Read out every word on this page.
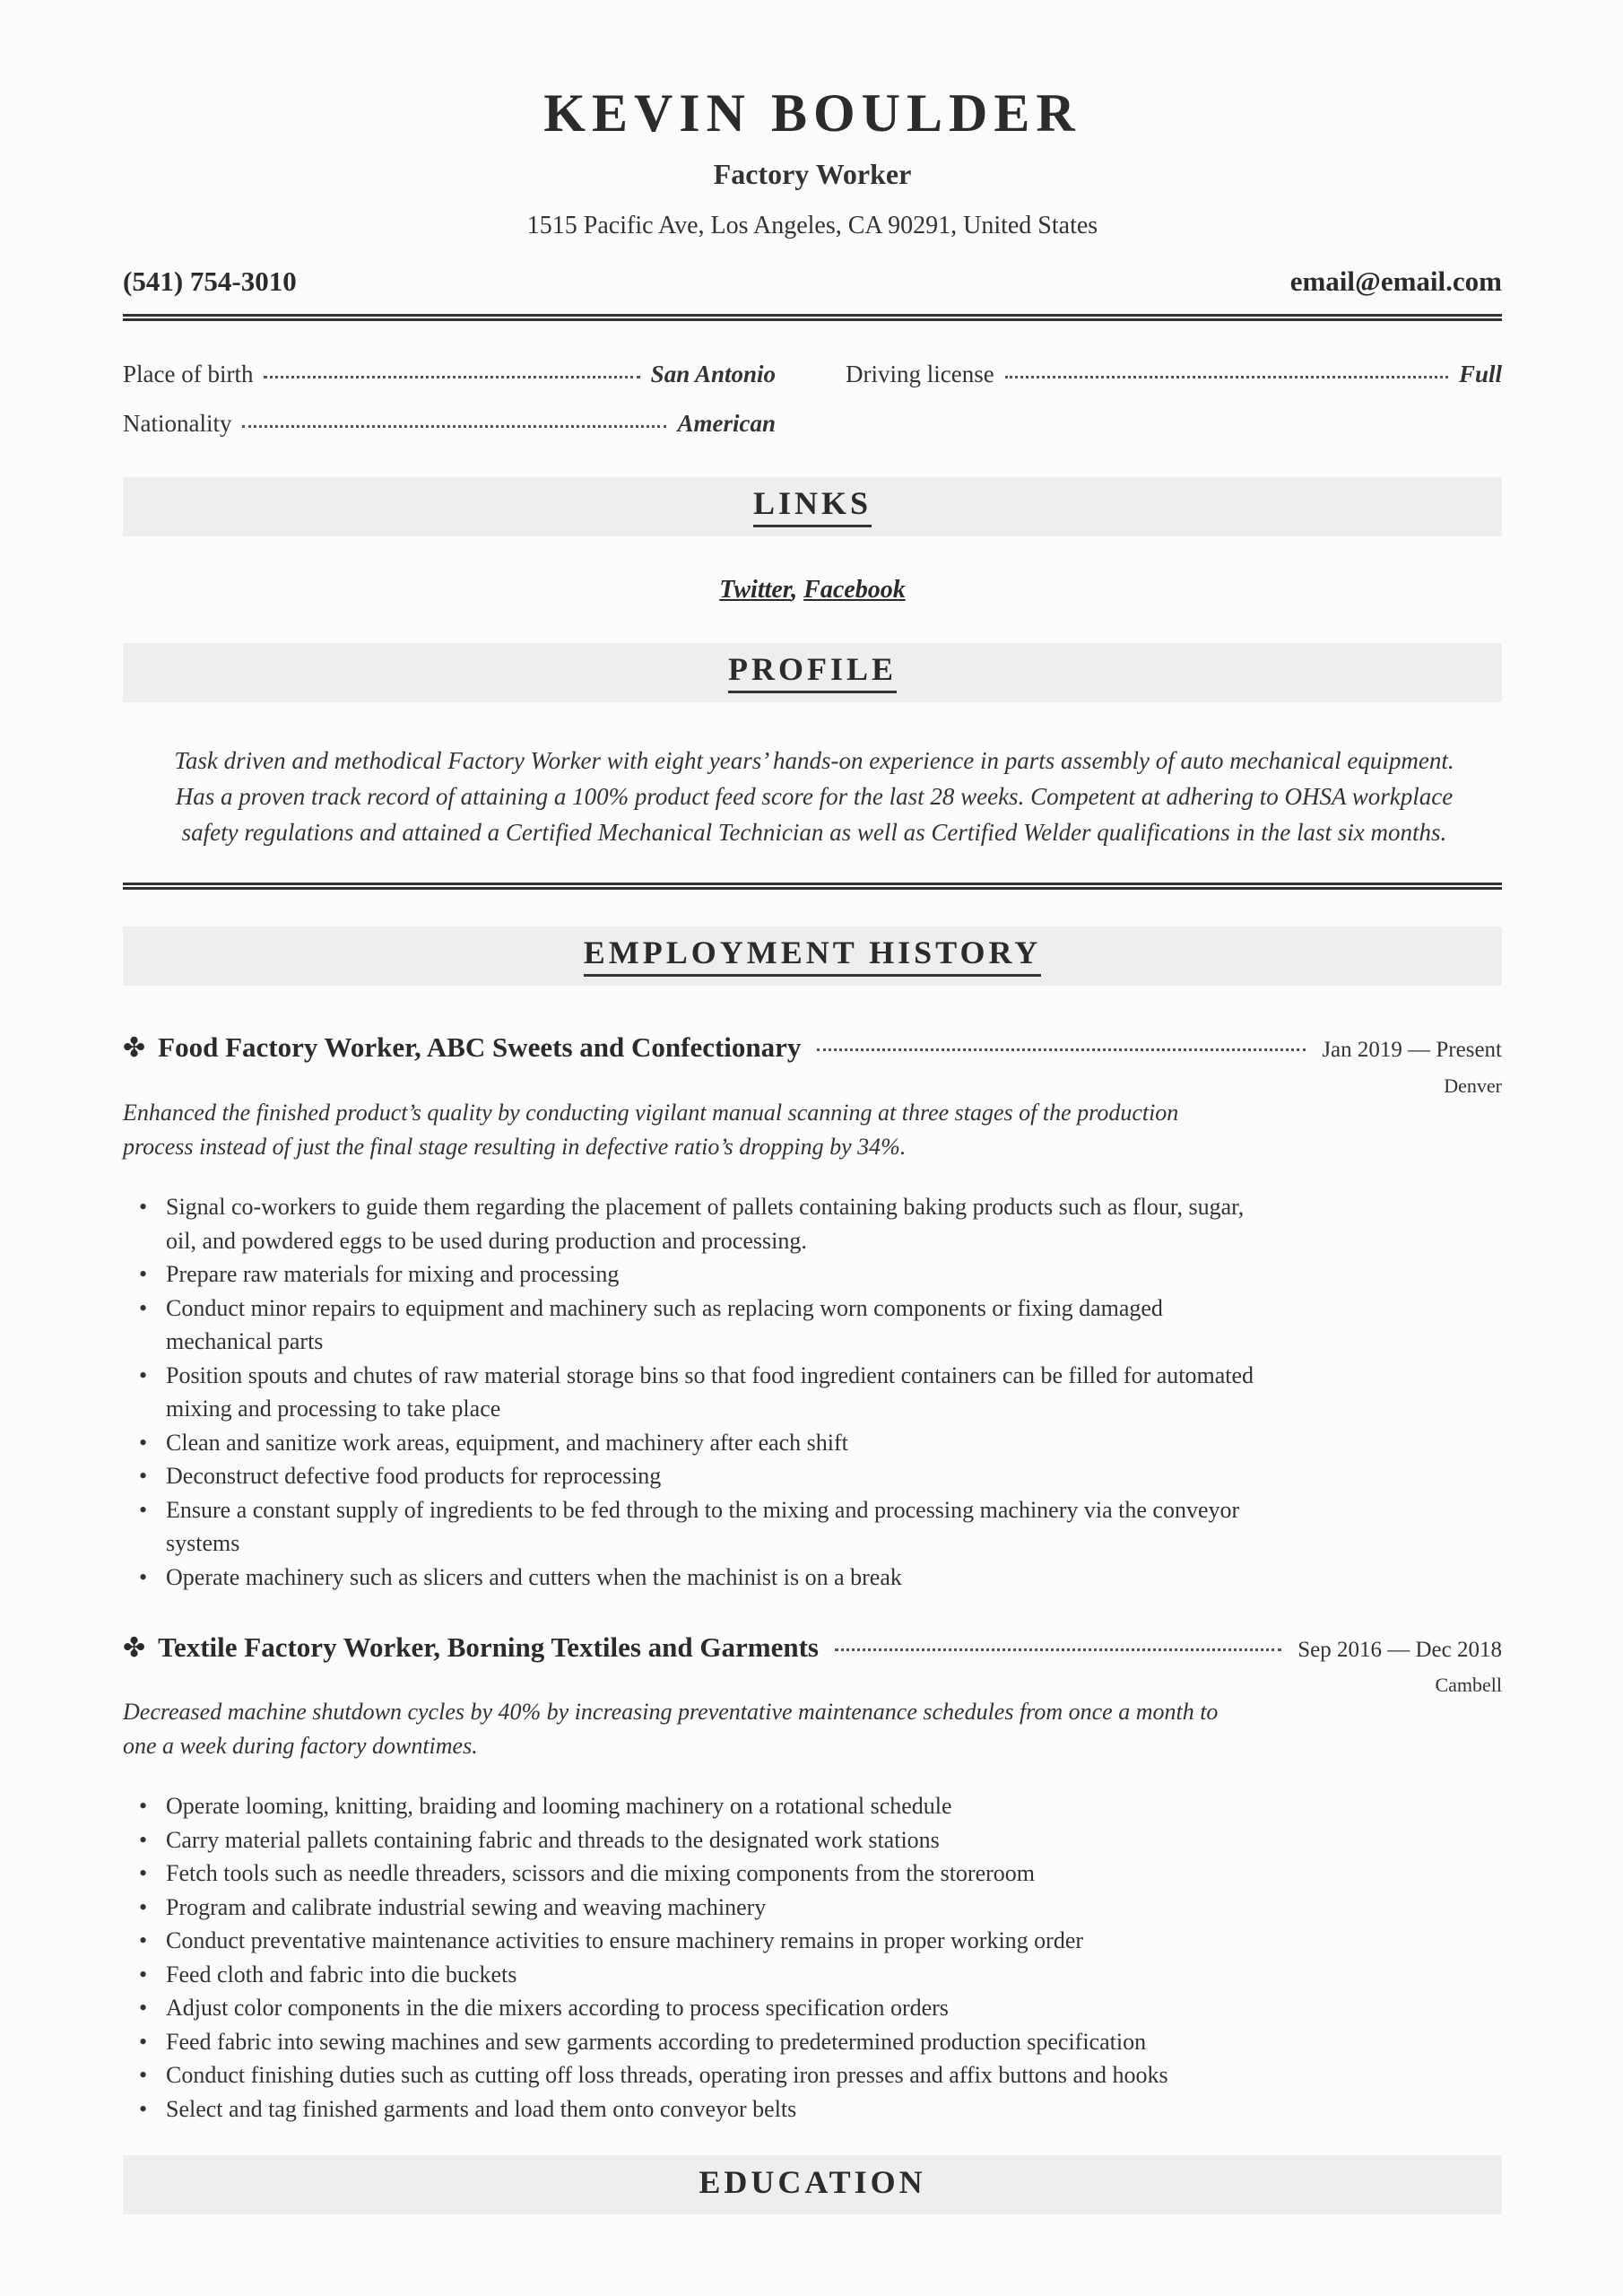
KEVIN BOULDER
Factory Worker
1515 Pacific Ave, Los Angeles, CA 90291, United States
(541) 754-3010	email@email.com
Place of birth	San Antonio
Nationality	American
Driving license	Full
LINKS
Twitter, Facebook
PROFILE
Task driven and methodical Factory Worker with eight years’ hands-on experience in parts assembly of auto mechanical equipment. Has a proven track record of attaining a 100% product feed score for the last 28 weeks. Competent at adhering to OHSA workplace safety regulations and attained a Certified Mechanical Technician as well as Certified Welder qualifications in the last six months.
EMPLOYMENT HISTORY
✤ Food Factory Worker, ABC Sweets and Confectionary	Jan 2019 — Present
Denver
Enhanced the finished product’s quality by conducting vigilant manual scanning at three stages of the production process instead of just the final stage resulting in defective ratio’s dropping by 34%.
• Signal co-workers to guide them regarding the placement of pallets containing baking products such as flour, sugar, oil, and powdered eggs to be used during production and processing.
• Prepare raw materials for mixing and processing
• Conduct minor repairs to equipment and machinery such as replacing worn components or fixing damaged mechanical parts
• Position spouts and chutes of raw material storage bins so that food ingredient containers can be filled for automated mixing and processing to take place
• Clean and sanitize work areas, equipment, and machinery after each shift
• Deconstruct defective food products for reprocessing
• Ensure a constant supply of ingredients to be fed through to the mixing and processing machinery via the conveyor systems
• Operate machinery such as slicers and cutters when the machinist is on a break
✤ Textile Factory Worker, Borning Textiles and Garments	Sep 2016 — Dec 2018
Cambell
Decreased machine shutdown cycles by 40% by increasing preventative maintenance schedules from once a month to one a week during factory downtimes.
• Operate looming, knitting, braiding and looming machinery on a rotational schedule
• Carry material pallets containing fabric and threads to the designated work stations
• Fetch tools such as needle threaders, scissors and die mixing components from the storeroom
• Program and calibrate industrial sewing and weaving machinery
• Conduct preventative maintenance activities to ensure machinery remains in proper working order
• Feed cloth and fabric into die buckets
• Adjust color components in the die mixers according to process specification orders
• Feed fabric into sewing machines and sew garments according to predetermined production specification
• Conduct finishing duties such as cutting off loss threads, operating iron presses and affix buttons and hooks
• Select and tag finished garments and load them onto conveyor belts
EDUCATION
